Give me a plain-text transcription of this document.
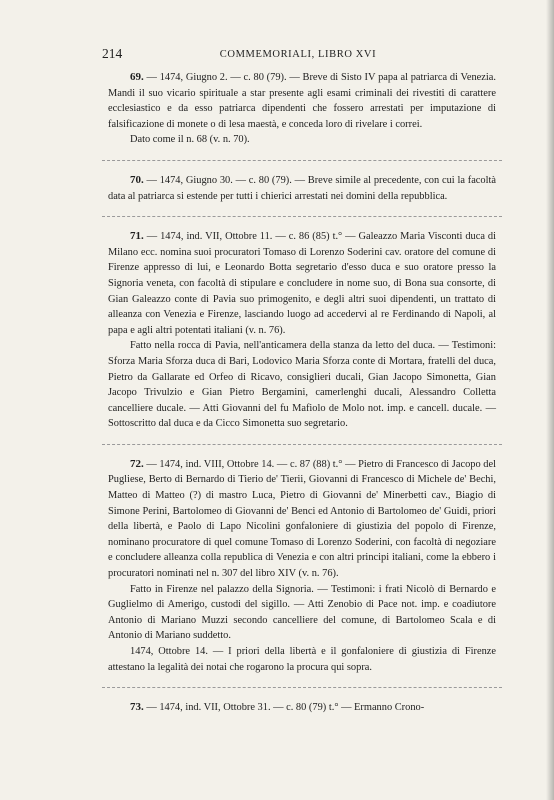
214	COMMEMORIALI, LIBRO XVI

69. — 1474, Giugno 2. — c. 80 (79). — Breve di Sisto IV papa al patriarca di Venezia. Mandi il suo vicario spirituale a star presente agli esami criminali dei rivestiti di carattere ecclesiastico e da esso patriarca dipendenti che fossero arrestati per imputazione di falsificazione di monete o di lesa maestà, e conceda loro di rivelare i correi.

Dato come il n. 68 (v. n. 70).

70. — 1474, Giugno 30. — c. 80 (79). — Breve simile al precedente, con cui la facoltà data al patriarca si estende per tutti i chierici arrestati nei domini della repubblica.

71. — 1474, ind. VII, Ottobre 11. — c. 86 (85) t.° — Galeazzo Maria Visconti duca di Milano ecc. nomina suoi procuratori Tomaso di Lorenzo Soderini cav. oratore del comune di Firenze appresso di lui, e Leonardo Botta segretario d'esso duca e suo oratore presso la Signoria veneta, con facoltà di stipulare e concludere in nome suo, di Bona sua consorte, di Gian Galeazzo conte di Pavia suo primogenito, e degli altri suoi dipendenti, un trattato di alleanza con Venezia e Firenze, lasciando luogo ad accedervi al re Ferdinando di Napoli, al papa e agli altri potentati italiani (v. n. 76).

Fatto nella rocca di Pavia, nell'anticamera della stanza da letto del duca. — Testimoni: Sforza Maria Sforza duca di Bari, Lodovico Maria Sforza conte di Mortara, fratelli del duca, Pietro da Gallarate ed Orfeo di Ricavo, consiglieri ducali, Gian Jacopo Simonetta, Gian Jacopo Trivulzio e Gian Pietro Bergamini, camerlenghi ducali, Alessandro Colletta cancelliere ducale. — Atti Giovanni del fu Mafiolo de Molo not. imp. e cancell. ducale. — Sottoscritto dal duca e da Cicco Simonetta suo segretario.

72. — 1474, ind. VIII, Ottobre 14. — c. 87 (88) t.° — Pietro di Francesco di Jacopo del Pugliese, Berto di Bernardo di Tierio de' Tierii, Giovanni di Francesco di Michele de' Bechi, Matteo di Matteo (?) di mastro Luca, Pietro di Giovanni de' Minerbetti cav., Biagio di Simone Perini, Bartolomeo di Giovanni de' Benci ed Antonio di Bartolomeo de' Guidi, priori della libertà, e Paolo di Lapo Nicolini gonfaloniere di giustizia del popolo di Firenze, nominano procuratore di quel comune Tomaso di Lorenzo Soderini, con facoltà di negoziare e concludere alleanza colla republica di Venezia e con altri principi italiani, come la ebbero i procuratori nominati nel n. 307 del libro XIV (v. n. 76).

Fatto in Firenze nel palazzo della Signoria. — Testimoni: i frati Nicolò di Bernardo e Guglielmo di Amerigo, custodi del sigillo. — Atti Zenobio di Pace not. imp. e coadiutore Antonio di Mariano Muzzi secondo cancelliere del comune, di Bartolomeo Scala e di Antonio di Mariano suddetto.

1474, Ottobre 14. — I priori della libertà e il gonfaloniere di giustizia di Firenze attestano la legalità dei notai che rogarono la procura qui sopra.

73. — 1474, ind. VII, Ottobre 31. — c. 80 (79) t.° — Ermanno Crono-
